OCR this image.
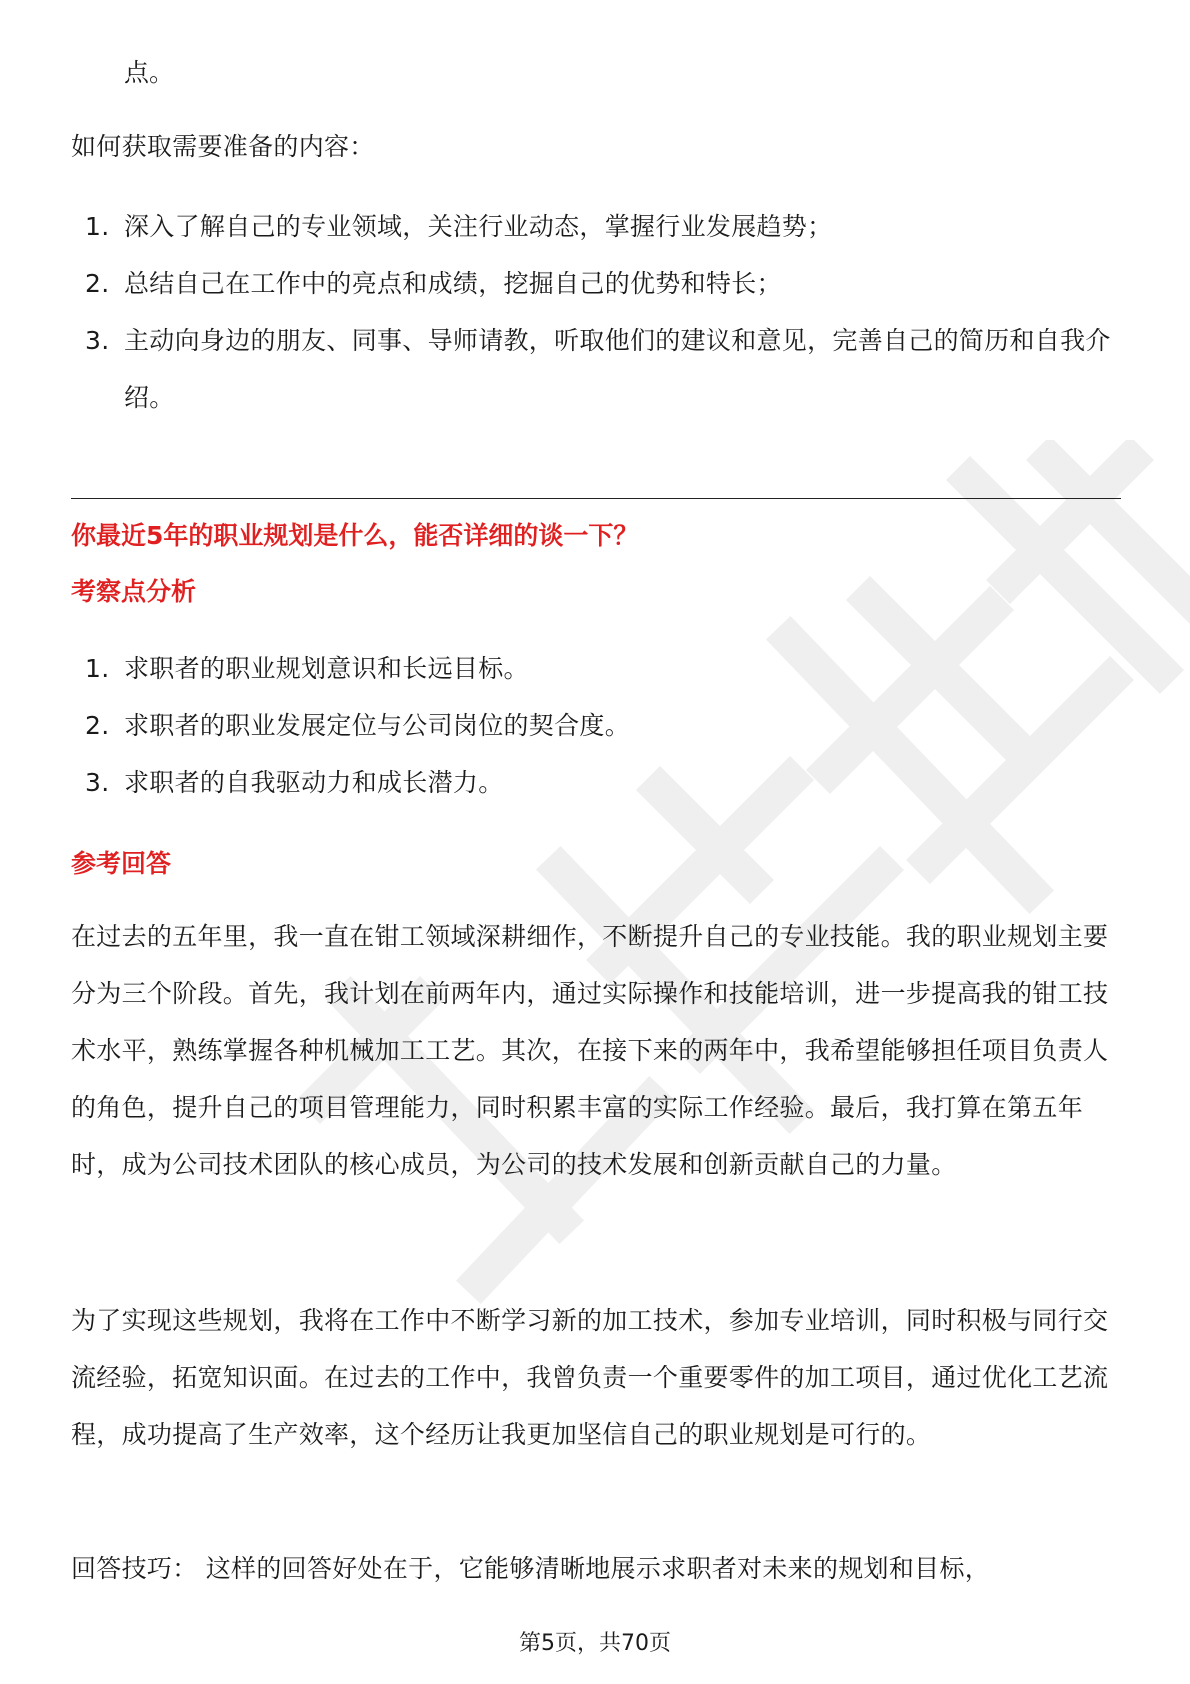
点。

如何获取需要准备的内容：

1. 深入了解自己的专业领域，关注行业动态，掌握行业发展趋势；
2. 总结自己在工作中的亮点和成绩，挖掘自己的优势和特长；
3. 主动向身边的朋友、同事、导师请教，听取他们的建议和意见，完善自己的简历和自我介绍。

你最近5年的职业规划是什么，能否详细的谈一下？

考察点分析

1. 求职者的职业规划意识和长远目标。
2. 求职者的职业发展定位与公司岗位的契合度。
3. 求职者的自我驱动力和成长潜力。

参考回答

在过去的五年里，我一直在钳工领域深耕细作，不断提升自己的专业技能。我的职业规划主要分为三个阶段。首先，我计划在前两年内，通过实际操作和技能培训，进一步提高我的钳工技术水平，熟练掌握各种机械加工工艺。其次，在接下来的两年中，我希望能够担任项目负责人的角色，提升自己的项目管理能力，同时积累丰富的实际工作经验。最后，我打算在第五年时，成为公司技术团队的核心成员，为公司的技术发展和创新贡献自己的力量。

为了实现这些规划，我将在工作中不断学习新的加工技术，参加专业培训，同时积极与同行交流经验，拓宽知识面。在过去的工作中，我曾负责一个重要零件的加工项目，通过优化工艺流程，成功提高了生产效率，这个经历让我更加坚信自己的职业规划是可行的。

回答技巧： 这样的回答好处在于，它能够清晰地展示求职者对未来的规划和目标，

第5页，共70页
